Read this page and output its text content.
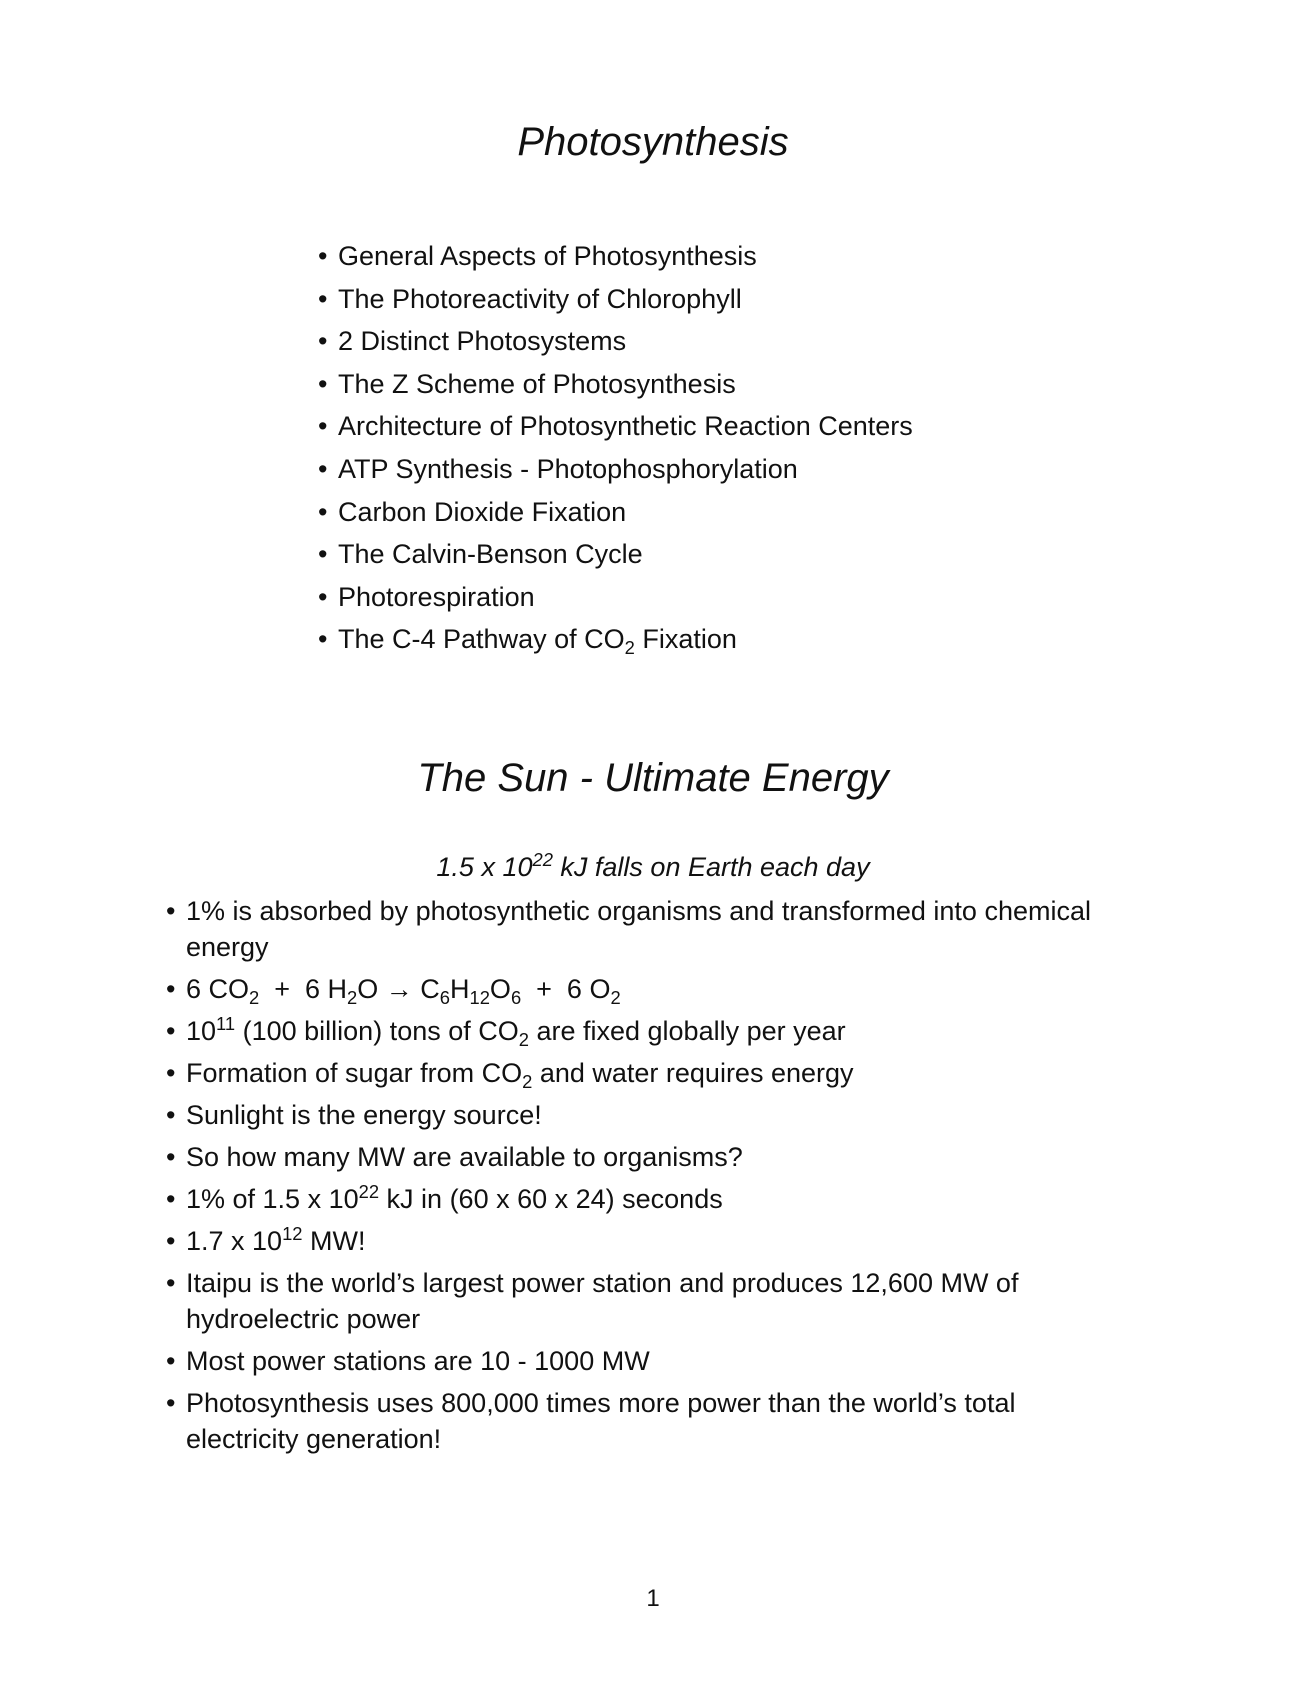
Photosynthesis
• General Aspects of Photosynthesis
• The Photoreactivity of Chlorophyll
• 2 Distinct Photosystems
• The Z Scheme of Photosynthesis
• Architecture of Photosynthetic Reaction Centers
• ATP Synthesis - Photophosphorylation
• Carbon Dioxide Fixation
• The Calvin-Benson Cycle
• Photorespiration
• The C-4 Pathway of $CO_2$ Fixation
The Sun - Ultimate Energy

1.5 x $10^{22}$ kJ falls on Earth each day

• 1% is absorbed by photosynthetic organisms and transformed into chemical energy
• 6 $CO_2 + 6$ $H_2O \to C_6H_{12}O_6 + 6$ $O_2$
• $10^{11}$ (100 billion) tons of $CO_2$ are fixed globally per year
• Formation of sugar from $CO_2$ and water requires energy
• Sunlight is the energy source!
• So how many MW are available to organisms?
• 1% of 1.5 x $10^{22}$ kJ in (60 x 60 x 24) seconds
• 1.7 x $10^{12}$ MW!
• Itaipu is the world’s largest power station and produces 12,600 MW of hydroelectric power
• Most power stations are 10 - 1000 MW
• Photosynthesis uses 800,000 times more power than the world’s total electricity generation!

1
